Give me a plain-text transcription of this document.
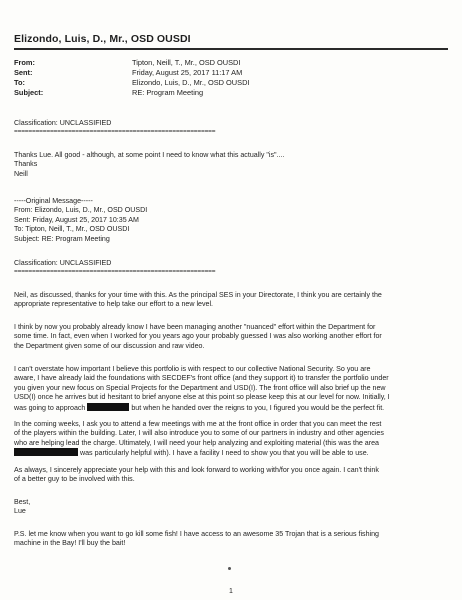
Elizondo, Luis, D., Mr., OSD OUSDI
From:	Tipton, Neill, T., Mr., OSD OUSDI
Sent:	Friday, August 25, 2017 11:17 AM
To:	Elizondo, Luis, D., Mr., OSD OUSDI
Subject:	RE: Program Meeting
Classification: UNCLASSIFIED
========================================================
Thanks Lue. All good - although, at some point I need to know what this actually "is"....
Thanks
Neill
-----Original Message-----
From: Elizondo, Luis, D., Mr., OSD OUSDI
Sent: Friday, August 25, 2017 10:35 AM
To: Tipton, Neill, T., Mr., OSD OUSDI
Subject: RE: Program Meeting
Classification: UNCLASSIFIED
========================================================
Neil, as discussed, thanks for your time with this. As the principal SES in your Directorate, I think you are certainly the
appropriate representative to help take our effort to a new level.
I think by now you probably already know I have been managing another "nuanced" effort within the Department for
some time. In fact, even when I worked for you years ago your probably guessed I was also working another effort for
the Department given some of our discussion and raw video.
I can't overstate how important I believe this portfolio is with respect to our collective National Security. So you are
aware, I have already laid the foundations with SECDEF's front office (and they support it) to transfer the portfolio under
you given your new focus on Special Projects for the Department and USD(I). The front office will also brief up the new
USD(I) once he arrives but id hesitant to brief anyone else at this point so please keep this at our level for now. Initially, I
was going to approach	but when he handed over the reigns to you, I figured you would be the perfect fit.
In the coming weeks, I ask you to attend a few meetings with me at the front office in order that you can meet the rest
of the players within the building. Later, I will also introduce you to some of our partners in industry and other agencies
who are helping lead the charge. Ultimately, I will need your help analyzing and exploiting material (this was the area
was particularly helpful with). I have a facility I need to show you that you will be able to use.
As always, I sincerely appreciate your help with this and look forward to working with/for you once again. I can't think
of a better guy to be involved with this.
Best,
Lue
P.S. let me know when you want to go kill some fish! I have access to an awesome 35 Trojan that is a serious fishing
machine in the Bay! I'll buy the bait!
1
